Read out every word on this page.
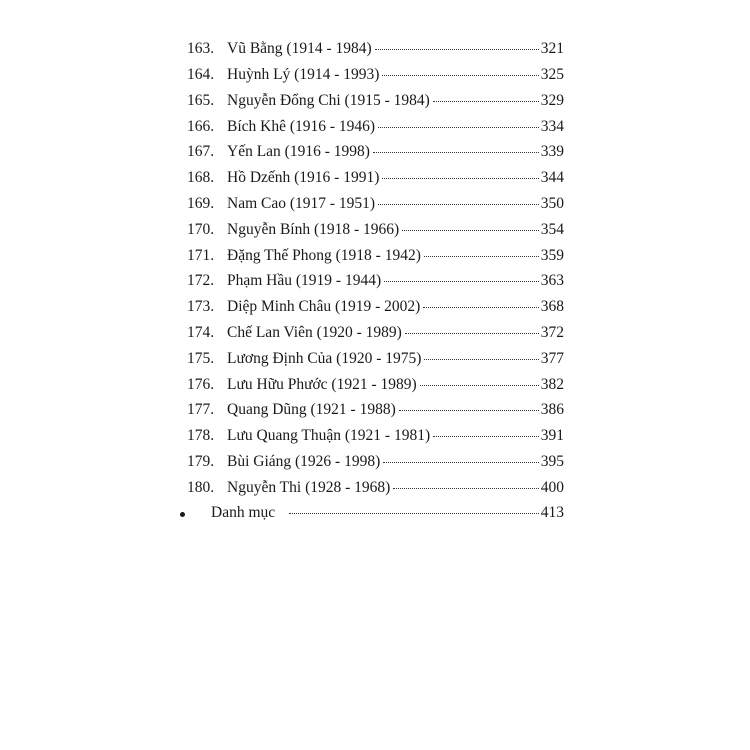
163. Vũ Bằng (1914 - 1984)	321
164. Huỳnh Lý (1914 - 1993)	325
165. Nguyễn Đổng Chi (1915 - 1984)	329
166. Bích Khê (1916 - 1946)	334
167. Yến Lan (1916 - 1998)	339
168. Hồ Dzếnh (1916 - 1991)	344
169. Nam Cao (1917 - 1951)	350
170. Nguyễn Bính (1918 - 1966)	354
171. Đặng Thế Phong (1918 - 1942)	359
172. Phạm Hầu (1919 - 1944)	363
173. Diệp Minh Châu (1919 - 2002)	368
174. Chế Lan Viên (1920 - 1989)	372
175. Lương Định Của (1920 - 1975)	377
176. Lưu Hữu Phước (1921 - 1989)	382
177. Quang Dũng (1921 - 1988)	386
178. Lưu Quang Thuận (1921 - 1981)	391
179. Bùi Giáng (1926 - 1998)	395
180. Nguyễn Thi (1928 - 1968)	400
Danh mục	413
